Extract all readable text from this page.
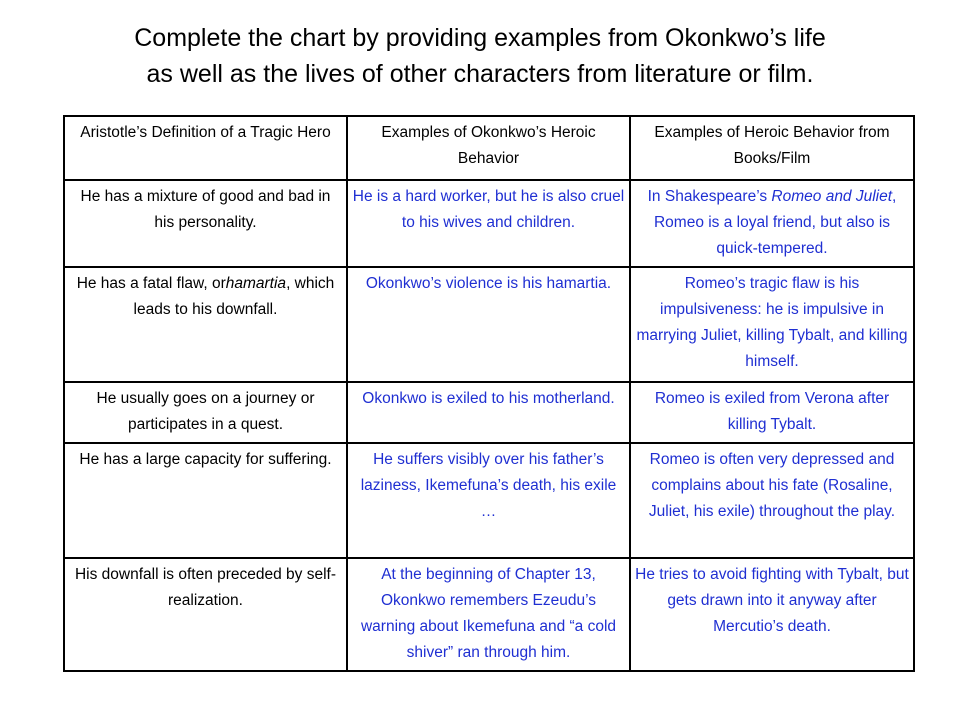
Complete the chart by providing examples from Okonkwo’s life
as well as the lives of other characters from literature or film.
Aristotle’s Definition of a Tragic Hero	Examples of Okonkwo’s Heroic Behavior	Examples of Heroic Behavior from Books/Film
He has a mixture of good and bad in his personality.	He is a hard worker, but he is also cruel to his wives and children.	In Shakespeare’s Romeo and Juliet, Romeo is a loyal friend, but also is quick-tempered.
He has a fatal flaw, orhamartia, which leads to his downfall.	Okonkwo’s violence is his hamartia.	Romeo’s tragic flaw is his impulsiveness: he is impulsive in marrying Juliet, killing Tybalt, and killing himself.
He usually goes on a journey or participates in a quest.	Okonkwo is exiled to his motherland.	Romeo is exiled from Verona after killing Tybalt.
He has a large capacity for suffering.	He suffers visibly over his father’s laziness, Ikemefuna’s death, his exile …	Romeo is often very depressed and complains about his fate (Rosaline, Juliet, his exile) throughout the play.
His downfall is often preceded by self-realization.	At the beginning of Chapter 13, Okonkwo remembers Ezeudu’s warning about Ikemefuna and “a cold shiver” ran through him.	He tries to avoid fighting with Tybalt, but gets drawn into it anyway after Mercutio’s death.
